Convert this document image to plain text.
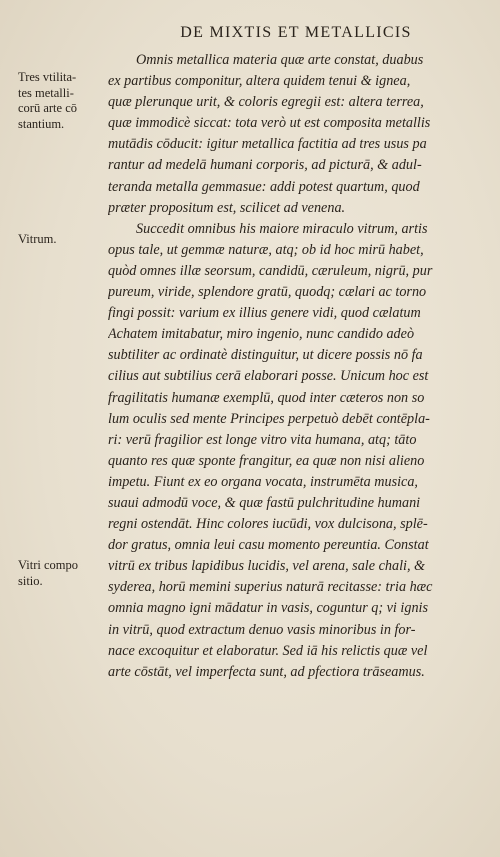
DE MIXTIS ET METALLICIS
Omnis metallica materia quæ arte constat, duabus
ex partibus componitur, altera quidem tenui & ignea,
quæ plerunque urit, & coloris egregii est: altera terrea,
quæ immodicè siccat: tota verò ut est composita metallis
mutādis cōducit: igitur metallica factitia ad tres usus pa
rantur ad medelā humani corporis, ad picturā, & adul-
teranda metalla gemmasue: addi potest quartum, quod
præter propositum est, scilicet ad venena.
Succedit omnibus his maiore miraculo vitrum, artis
opus tale, ut gemmæ naturæ, atq; ob id hoc mirū habet,
quòd omnes illæ seorsum, candidū, cæruleum, nigrū, pur
pureum, viride, splendore gratū, quodq; cælari ac torno
fingi possit: varium ex illius genere vidi, quod cælatum
Achatem imitabatur, miro ingenio, nunc candido adeò
subtiliter ac ordinatè distinguitur, ut dicere possis nō fa
cilius aut subtilius cerā elaborari posse. Unicum hoc est
fragilitatis humanæ exemplū, quod inter cæteros non so
lum oculis sed mente Principes perpetuò debēt contēpla-
ri: verū fragilior est longe vitro vita humana, atq; tāto
quanto res quæ sponte frangitur, ea quæ non nisi alieno
impetu. Fiunt ex eo organa vocata, instrumēta musica,
suaui admodū voce, & quæ fastū pulchritudine humani
regni ostendāt. Hinc colores iucūdi, vox dulcisona, splē-
dor gratus, omnia leui casu momento pereuntia. Constat
vitrū ex tribus lapidibus lucidis, vel arena, sale chali, &
syderea, horū memini superius naturā recitasse: tria hæc
omnia magno igni mādatur in vasis, coguntur q; vi ignis
in vitrū, quod extractum denuo vasis minoribus in for-
nace excoquitur et elaboratur. Sed iā his relictis quæ vel
arte cōstāt, vel imperfecta sunt, ad pfectiora trāseamus.
Tres vtilita-
tes metalli-
corū arte cō
stantium.
Vitrum.
Vitri compo
sitio.
